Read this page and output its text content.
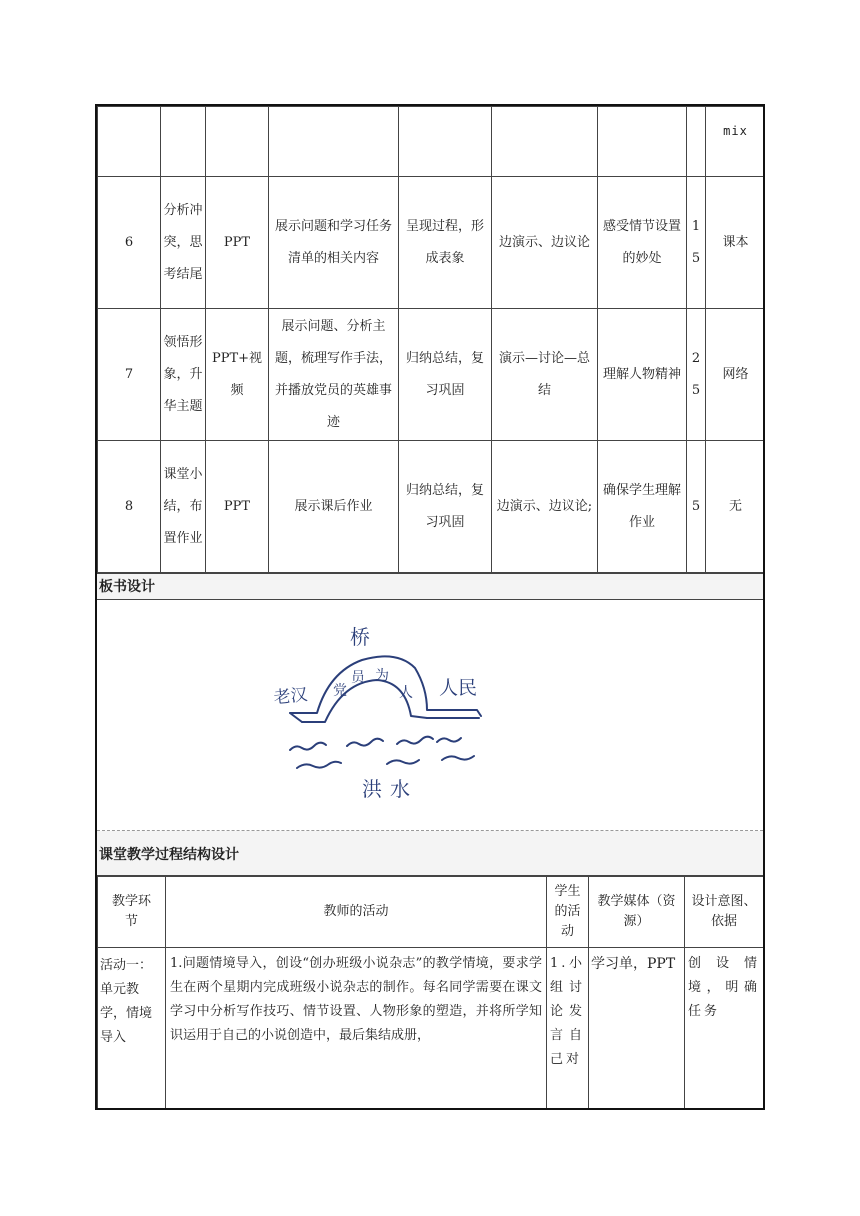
								mix
6	分析冲突，思考结尾	PPT	展示问题和学习任务清单的相关内容	呈现过程，形成表象	边演示、边议论	感受情节设置的妙处	15	课本
7	领悟形象，升华主题	PPT+视频	展示问题、分析主题，梳理写作手法，并播放党员的英雄事迹	归纳总结，复习巩固	演示—讨论—总结	理解人物精神	25	网络
8	课堂小结，布置作业	PPT	展示课后作业	归纳总结，复习巩固	边演示、边议论;	确保学生理解作业	5	无
板书设计
桥
老汉 党
员 为
人 人民
洪水
课堂教学过程结构设计
教学环节	教师的活动	学生的活动	教学媒体（资源）	设计意图、依据
活动一：单元教学，情境导入	1.问题情境导入，创设“创办班级小说杂志”的教学情境，要求学生在两个星期内完成班级小说杂志的制作。每名同学需要在课文学习中分析写作技巧、情节设置、人物形象的塑造，并将所学知识运用于自己的小说创造中，最后集结成册，	1.小组讨论发言自己对	学习单，PPT	创设情境，明确任务
